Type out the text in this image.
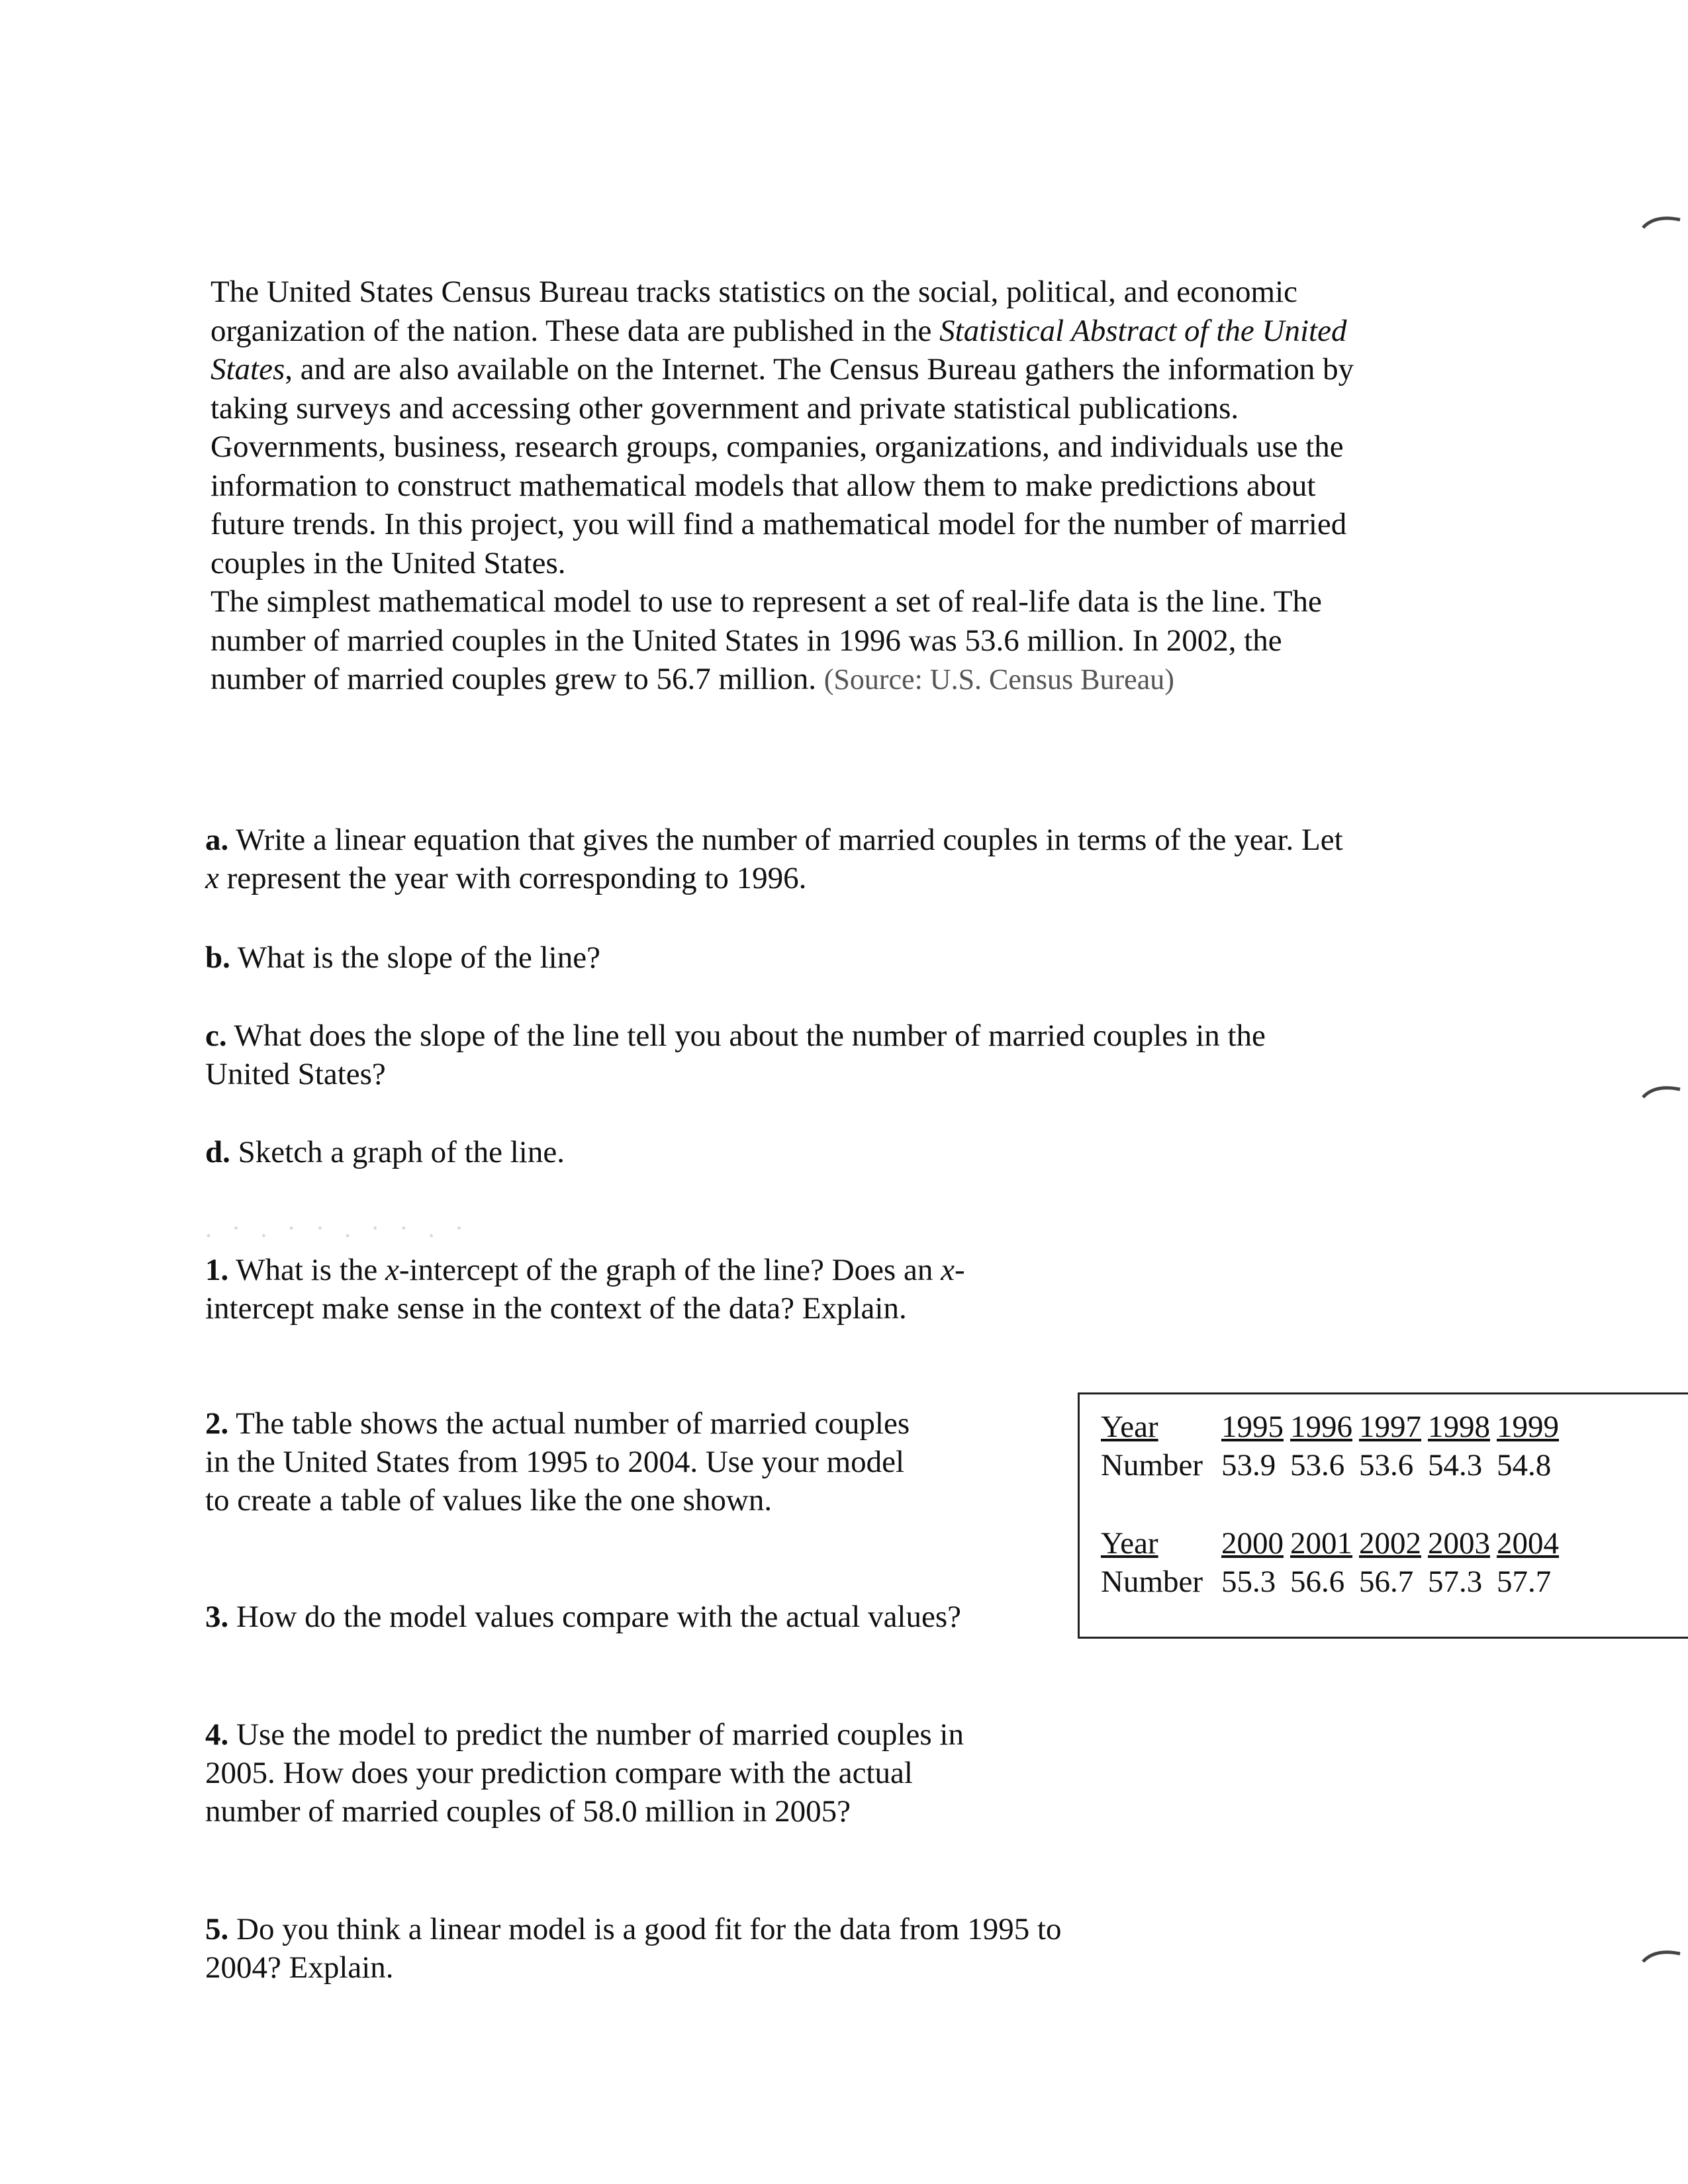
The United States Census Bureau tracks statistics on the social, political, and economic organization of the nation. These data are published in the Statistical Abstract of the United States, and are also available on the Internet. The Census Bureau gathers the information by taking surveys and accessing other government and private statistical publications. Governments, business, research groups, companies, organizations, and individuals use the information to construct mathematical models that allow them to make predictions about future trends. In this project, you will find a mathematical model for the number of married couples in the United States.

The simplest mathematical model to use to represent a set of real-life data is the line. The number of married couples in the United States in 1996 was 53.6 million. In 2002, the number of married couples grew to 56.7 million. (Source: U.S. Census Bureau)

a. Write a linear equation that gives the number of married couples in terms of the year. Let x represent the year with corresponding to 1996.
b. What is the slope of the line?
c. What does the slope of the line tell you about the number of married couples in the United States?
d. Sketch a graph of the line.
. · . · · . · · . ·
1. What is the x-intercept of the graph of the line? Does an x-intercept make sense in the context of the data? Explain.
2. The table shows the actual number of married couples in the United States from 1995 to 2004. Use your model to create a table of values like the one shown.
3. How do the model values compare with the actual values?
4. Use the model to predict the number of married couples in 2005. How does your prediction compare with the actual number of married couples of 58.0 million in 2005?
5. Do you think a linear model is a good fit for the data from 1995 to 2004? Explain.
Year	1995	1996	1997	1998	1999
Number	53.9	53.6	53.6	54.3	54.8
Year	2000	2001	2002	2003	2004
Number	55.3	56.6	56.7	57.3	57.7
